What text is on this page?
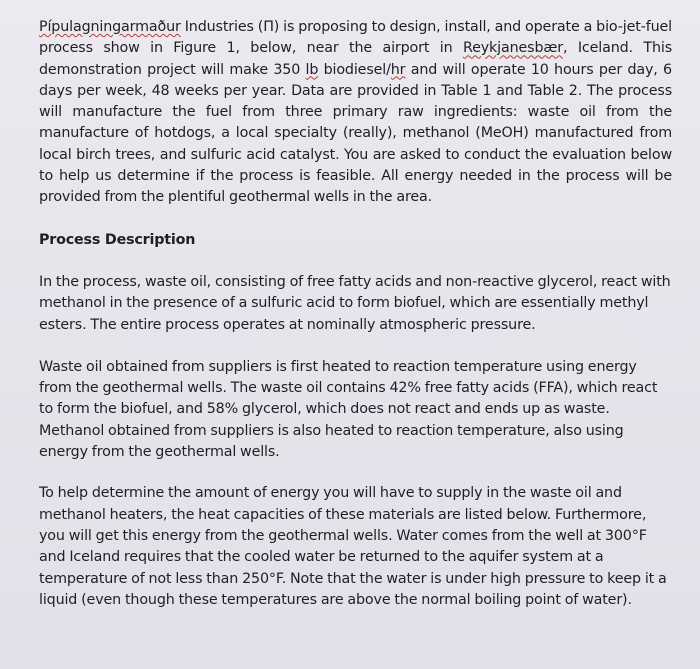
Pípulagningarmaður Industries (Π) is proposing to design, install, and operate a bio-jet-fuel process show in Figure 1, below, near the airport in Reykjanesbær, Iceland. This demonstration project will make 350 lb biodiesel/hr and will operate 10 hours per day, 6 days per week, 48 weeks per year. Data are provided in Table 1 and Table 2. The process will manufacture the fuel from three primary raw ingredients: waste oil from the manufacture of hotdogs, a local specialty (really), methanol (MeOH) manufactured from local birch trees, and sulfuric acid catalyst. You are asked to conduct the evaluation below to help us determine if the process is feasible. All energy needed in the process will be provided from the plentiful geothermal wells in the area.

Process Description

In the process, waste oil, consisting of free fatty acids and non-reactive glycerol, react with methanol in the presence of a sulfuric acid to form biofuel, which are essentially methyl esters. The entire process operates at nominally atmospheric pressure.

Waste oil obtained from suppliers is first heated to reaction temperature using energy from the geothermal wells. The waste oil contains 42% free fatty acids (FFA), which react to form the biofuel, and 58% glycerol, which does not react and ends up as waste. Methanol obtained from suppliers is also heated to reaction temperature, also using energy from the geothermal wells.

To help determine the amount of energy you will have to supply in the waste oil and methanol heaters, the heat capacities of these materials are listed below. Furthermore, you will get this energy from the geothermal wells. Water comes from the well at 300°F and Iceland requires that the cooled water be returned to the aquifer system at a temperature of not less than 250°F. Note that the water is under high pressure to keep it a liquid (even though these temperatures are above the normal boiling point of water).
